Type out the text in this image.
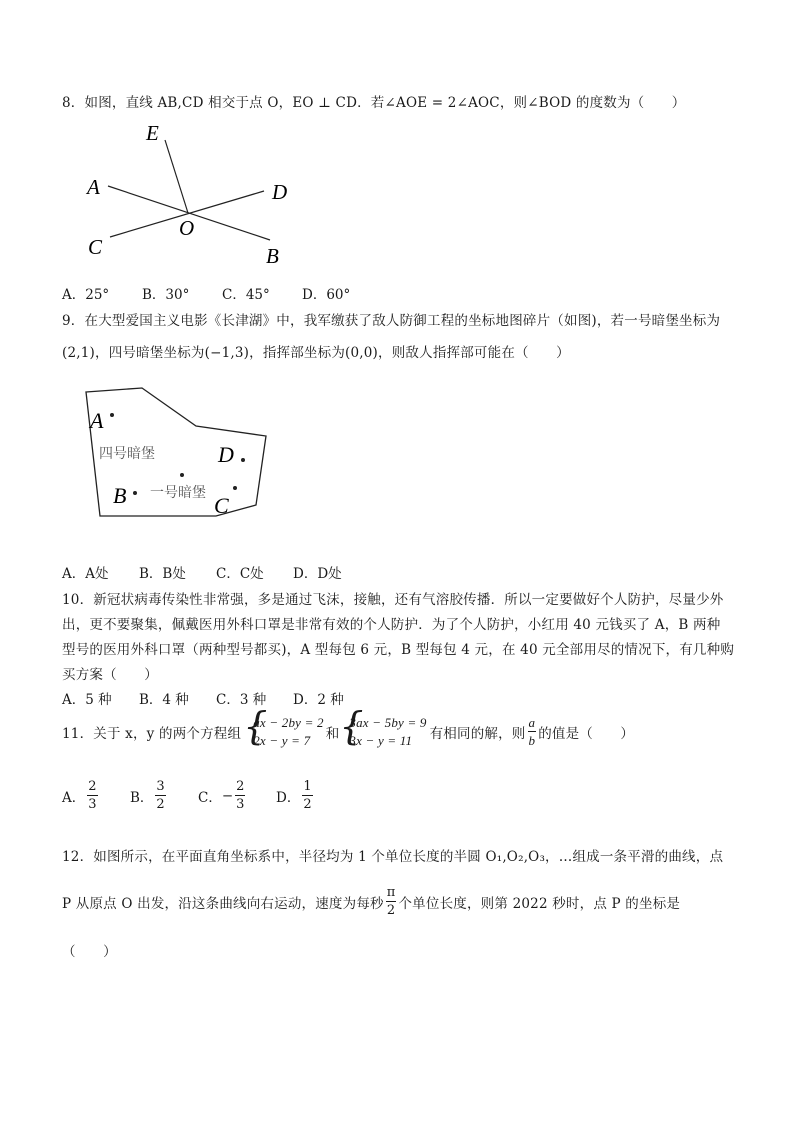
8．如图，直线 AB,CD 相交于点 O，EO ⊥ CD．若∠AOE = 2∠AOC，则∠BOD 的度数为（　　）
E
A	D
O
C	B
A．25° B．30° C．45° D．60°
9．在大型爱国主义电影《长津湖》中，我军缴获了敌人防御工程的坐标地图碎片（如图)，若一号暗堡坐标为
(2,1)，四号暗堡坐标为(−1,3)，指挥部坐标为(0,0)，则敌人指挥部可能在（　　）
A
D
B	C
四号暗堡
一号暗堡
A．A处 B．B处 C．C处 D．D处
10．新冠状病毒传染性非常强，多是通过飞沫，接触，还有气溶胶传播．所以一定要做好个人防护，尽量少外
出，更不要聚集，佩戴医用外科口罩是非常有效的个人防护．为了个人防护，小红用 40 元钱买了 A，B 两种
型号的医用外科口罩（两种型号都买)，A 型每包 6 元，B 型每包 4 元，在 40 元全部用尽的情况下，有几种购
买方案（　　）
A．5 种 B．4 种 C．3 种 D．2 种
11．关于 x，y 的两个方程组
{ ax − 2by = 2
2x − y = 7	和
{ 3ax − 5by = 9
3x − y = 11	有相同的解，则 $\frac{a}{b}$ 的值是（　　）
A． $\frac{2}{3}$ B． $\frac{3}{2}$ C． − $\frac{2}{3}$ D． $\frac{1}{2}$
12．如图所示，在平面直角坐标系中，半径均为 1 个单位长度的半圆 O₁,O₂,O₃，…组成一条平滑的曲线，点
P 从原点 O 出发，沿这条曲线向右运动，速度为每秒 $\frac{\pi}{2}$ 个单位长度，则第 2022 秒时，点 P 的坐标是
（　　）
